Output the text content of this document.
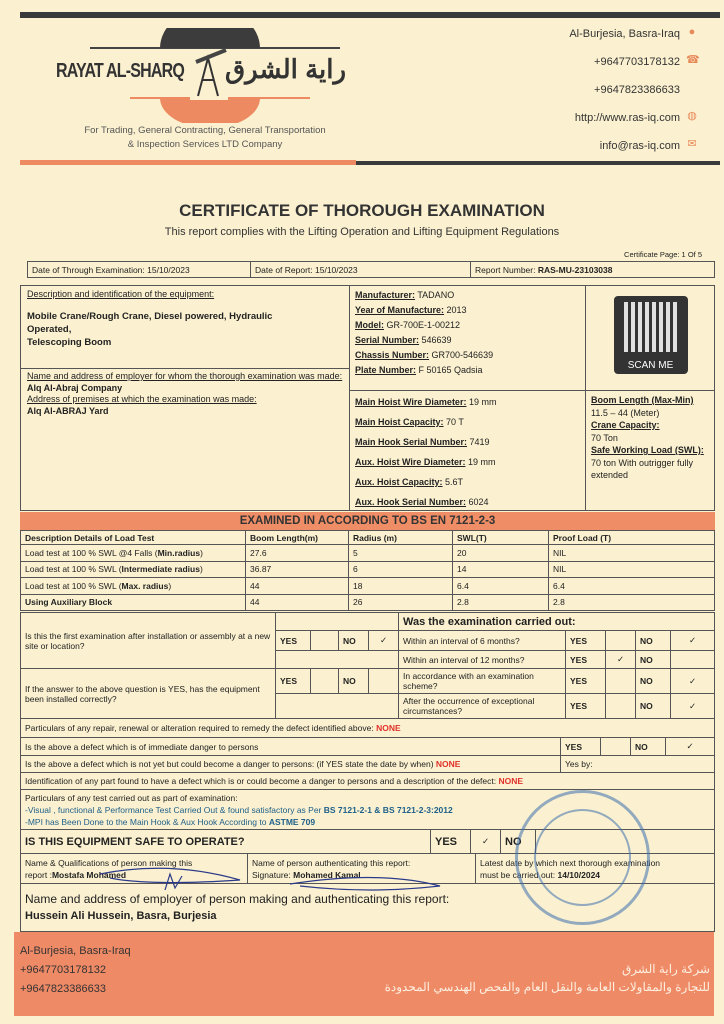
RAYAT AL-SHARQ راية الشرق
For Trading, General Contracting, General Transportation
& Inspection Services LTD Company
Al-Burjesia, Basra-Iraq ●
+9647703178132 ☎
+9647823386633
http://www.ras-iq.com ◍
info@ras-iq.com ✉
CERTIFICATE OF THOROUGH EXAMINATION
This report complies with the Lifting Operation and Lifting Equipment Regulations
Certificate Page: 1 Of 5
Date of Through Examination: 15/10/2023	Date of Report: 15/10/2023	Report Number: RAS-MU-23103038
Description and identification of the equipment:
Mobile Crane/Rough Crane, Diesel powered, Hydraulic
Operated,
Telescoping Boom
Name and address of employer for whom the thorough examination was made:
Alq Al-Abraj Company
Address of premises at which the examination was made:
Alq Al-ABRAJ Yard
Manufacturer: TADANO
Year of Manufacture: 2013
Model: GR-700E-1-00212
Serial Number: 546639
Chassis Number: GR700-546639
Plate Number: F 50165 Qadsia
Main Hoist Wire Diameter: 19 mm
Main Hoist Capacity: 70 T
Main Hook Serial Number: 7419
Aux. Hoist Wire Diameter: 19 mm
Aux. Hoist Capacity: 5.6T
Aux. Hook Serial Number: 6024
SCAN ME
Boom Length (Max-Min)
11.5 – 44 (Meter)
Crane Capacity:
70 Ton
Safe Working Load (SWL):
70 ton With outrigger fully extended
EXAMINED IN ACCORDING TO BS EN 7121-2-3
Description Details of Load Test	Boom Length(m)	Radius (m)	SWL(T)	Proof Load (T)
Load test at 100 % SWL @4 Falls (Min.radius)	27.6	5	20	NIL
Load test at 100 % SWL (Intermediate radius)	36.87	6	14	NIL
Load test at 100 % SWL (Max. radius)	44	18	6.4	6.4
Using Auxiliary Block	44	26	2.8	2.8
Is this the first examination after installation or assembly at a new site or location?					Was the examination carried out:				
	YES		NO	✓	Within an interval of 6 months?	YES		NO	✓
					Within an interval of 12 months?	YES	✓	NO	
If the answer to the above question is YES, has the equipment been installed correctly?	YES		NO		In accordance with an examination scheme?	YES		NO	✓
					After the occurrence of exceptional circumstances?	YES		NO	✓
Particulars of any repair, renewal or alteration required to remedy the defect identified above: NONE				
Is the above a defect which is of immediate danger to persons	YES		NO	✓
Is the above a defect which is not yet but could become a danger to persons: (if YES state the date by when) NONE	Yes by:			
Identification of any part found to have a defect which is or could become a danger to persons and a description of the defect: NONE				

Particulars of any test carried out as part of examination:
-Visual , functional & Performance Test Carried Out & found satisfactory as Per BS 7121-2-1 & BS 7121-2-3:2012
-MPI has Been Done to the Main Hook & Aux Hook According to ASTME 709				
IS THIS EQUIPMENT SAFE TO OPERATE?	YES	✓	NO	
Name & Qualifications of person making this
report :Mostafa Mohamed	
Name of person authenticating this report:
Signature: Mohamed Kamal	
Latest date by which next thorough examination
must be carried out: 14/10/2024

Name and address of employer of person making and authenticating this report:
Hussein Ali Hussein, Basra, Burjesia
Al-Burjesia, Basra-Iraq
+9647703178132
+9647823386633
شركة راية الشرق
للتجارة والمقاولات العامة والنقل العام والفحص الهندسي المحدودة
